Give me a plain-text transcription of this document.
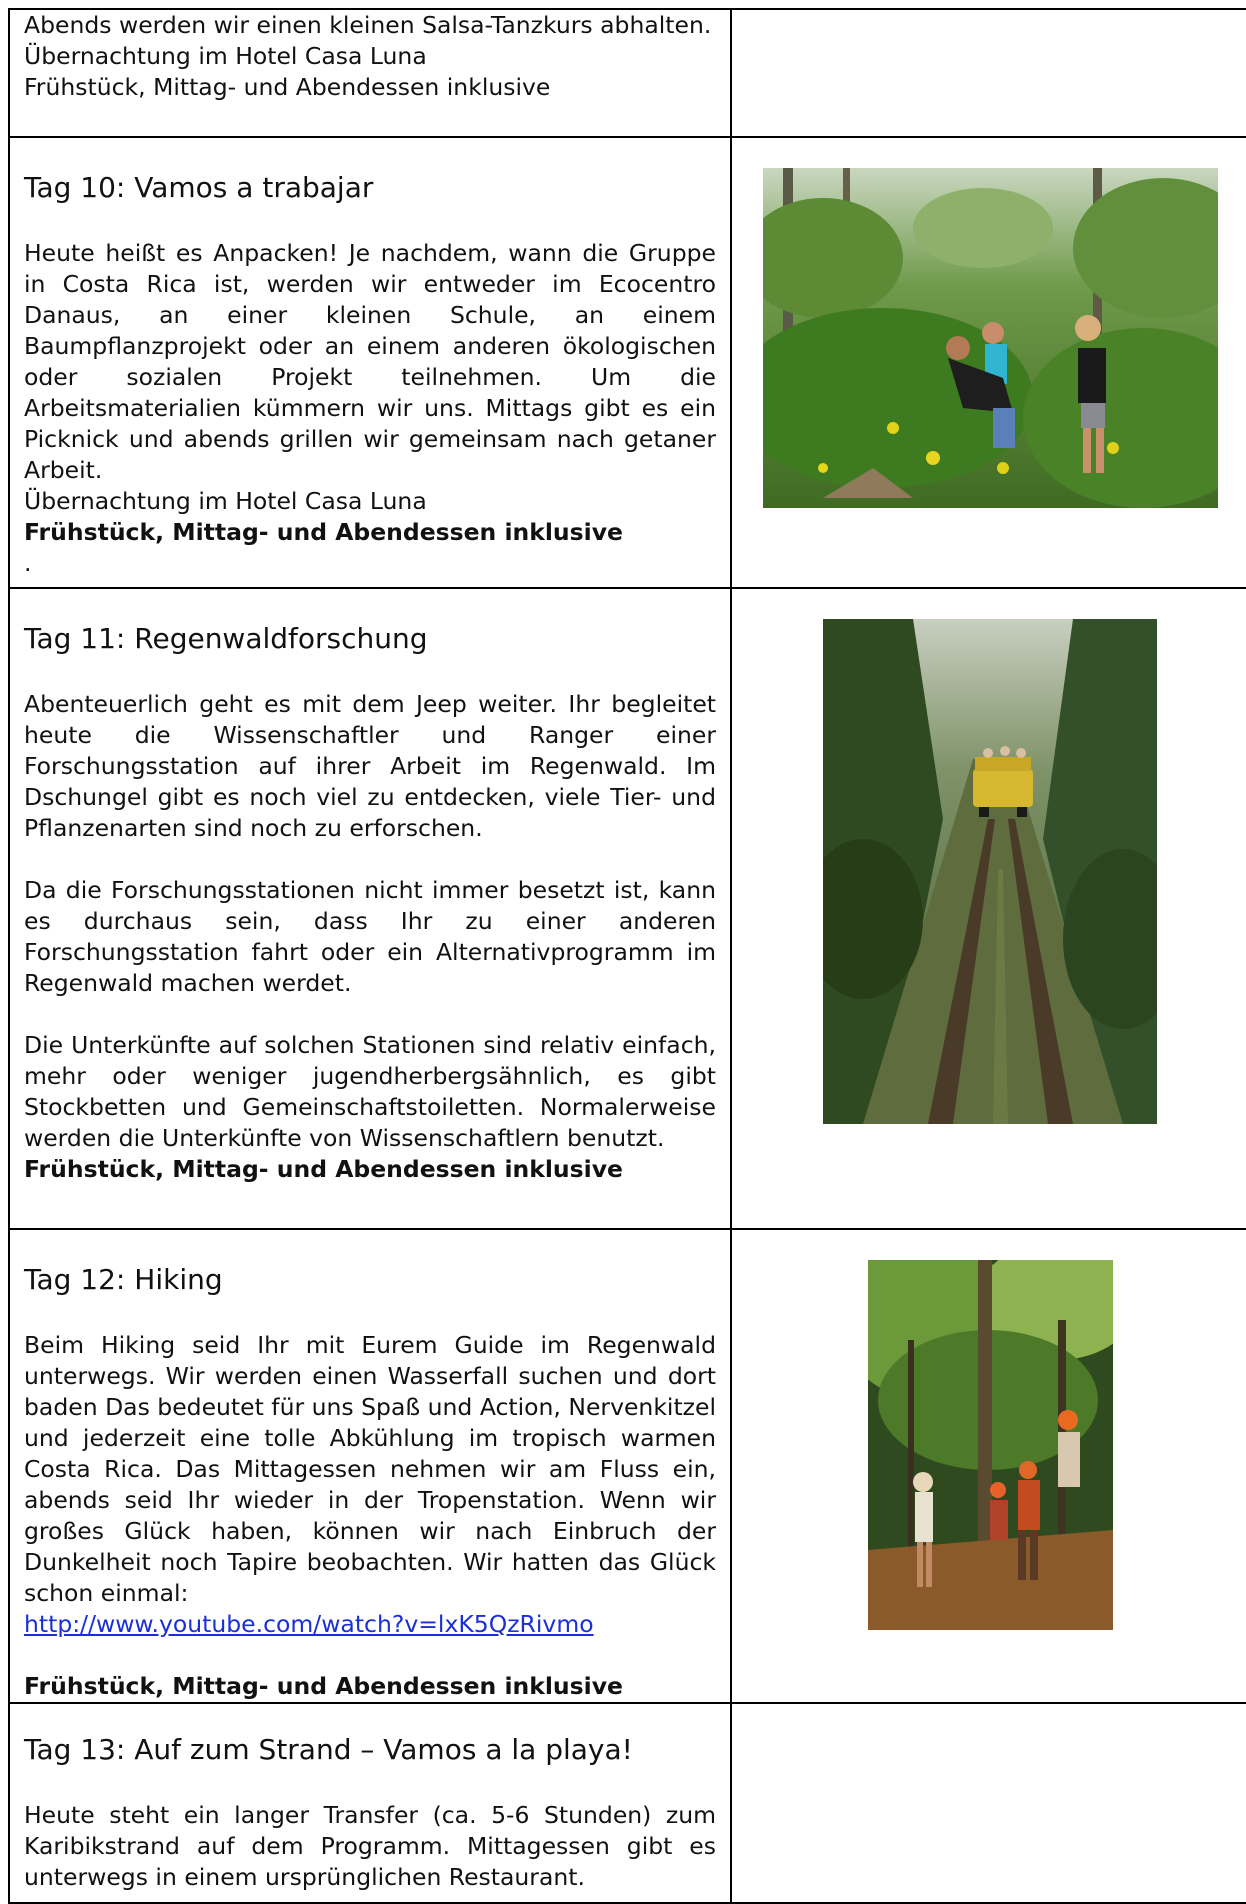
Abends werden wir einen kleinen Salsa-Tanzkurs abhalten.

Übernachtung im Hotel Casa Luna

Frühstück, Mittag- und Abendessen inklusive	

Tag 10: Vamos a trabajar

Heute heißt es Anpacken! Je nachdem, wann die Gruppe in Costa Rica ist, werden wir entweder im Ecocentro Danaus, an einer kleinen Schule, an einem Baumpflanzprojekt oder an einem anderen ökologischen oder sozialen Projekt teilnehmen. Um die Arbeitsmaterialien kümmern wir uns. Mittags gibt es ein Picknick und abends grillen wir gemeinsam nach getaner Arbeit.

Übernachtung im Hotel Casa Luna

Frühstück, Mittag- und Abendessen inklusive

.

Tag 11: Regenwaldforschung

Abenteuerlich geht es mit dem Jeep weiter. Ihr begleitet heute die Wissenschaftler und Ranger einer Forschungsstation auf ihrer Arbeit im Regenwald. Im Dschungel gibt es noch viel zu entdecken, viele Tier- und Pflanzenarten sind noch zu erforschen.

Da die Forschungsstationen nicht immer besetzt ist, kann es durchaus sein, dass Ihr zu einer anderen Forschungsstation fahrt oder ein Alternativprogramm im Regenwald machen werdet.

Die Unterkünfte auf solchen Stationen sind relativ einfach, mehr oder weniger jugendherbergsähnlich, es gibt Stockbetten und Gemeinschaftstoiletten. Normalerweise werden die Unterkünfte von Wissenschaftlern benutzt.

Frühstück, Mittag- und Abendessen inklusive

Tag 12: Hiking

Beim Hiking seid Ihr mit Eurem Guide im Regenwald unterwegs. Wir werden einen Wasserfall suchen und dort baden Das bedeutet für uns Spaß und Action, Nervenkitzel und jederzeit eine tolle Abkühlung im tropisch warmen Costa Rica. Das Mittagessen nehmen wir am Fluss ein, abends seid Ihr wieder in der Tropenstation. Wenn wir großes Glück haben, können wir nach Einbruch der Dunkelheit noch Tapire beobachten. Wir hatten das Glück schon einmal:

http://www.youtube.com/watch?v=lxK5QzRivmo

Frühstück, Mittag- und Abendessen inklusive

Tag 13: Auf zum Strand – Vamos a la playa!

Heute steht ein langer Transfer (ca. 5-6 Stunden) zum Karibikstrand auf dem Programm. Mittagessen gibt es unterwegs in einem ursprünglichen Restaurant.	
